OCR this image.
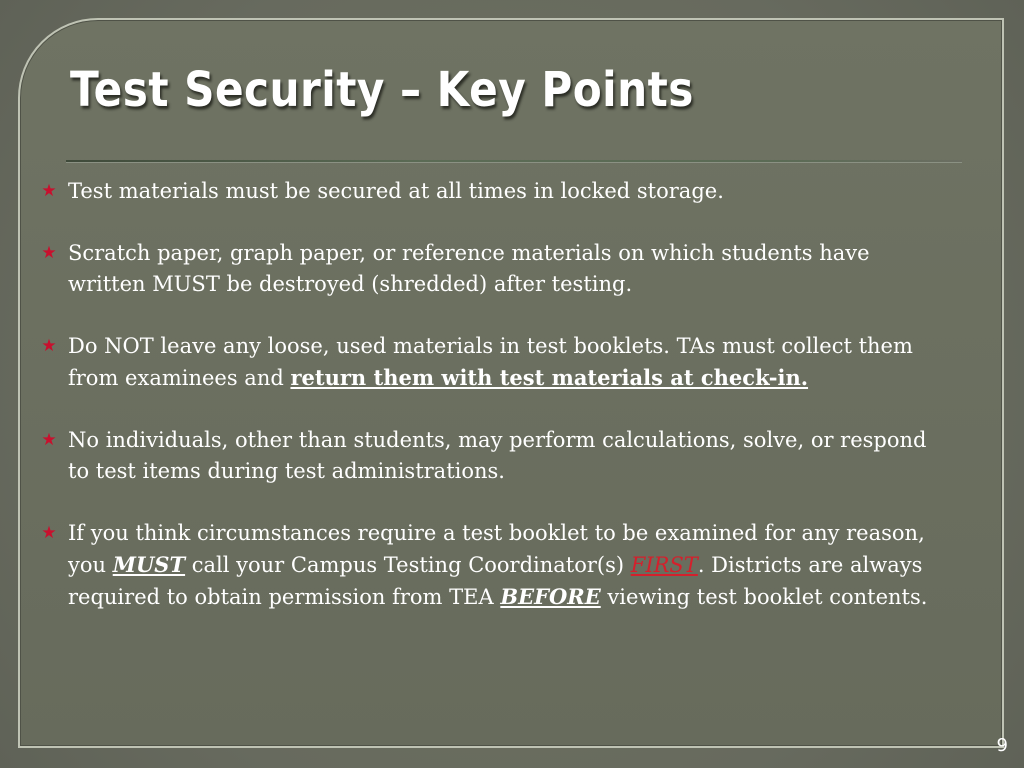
Test Security – Key Points
★ Test materials must be secured at all times in locked storage.
★ Scratch paper, graph paper, or reference materials on which students have written MUST be destroyed (shredded) after testing.
★ Do NOT leave any loose, used materials in test booklets. TAs must collect them from examinees and return them with test materials at check-in.
★ No individuals, other than students, may perform calculations, solve, or respond to test items during test administrations.
★ If you think circumstances require a test booklet to be examined for any reason, you MUST call your Campus Testing Coordinator(s) FIRST. Districts are always required to obtain permission from TEA BEFORE viewing test booklet contents.
9
